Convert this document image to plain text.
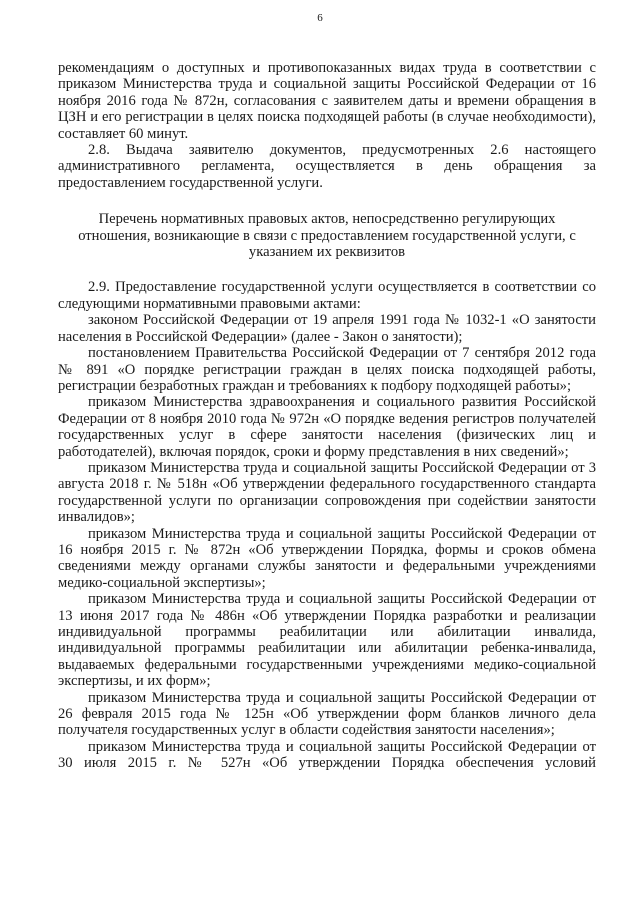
6

рекомендациям о доступных и противопоказанных видах труда в соответствии с приказом Министерства труда и социальной защиты Российской Федерации от 16 ноября 2016 года № 872н, согласования с заявителем даты и времени обращения в ЦЗН и его регистрации в целях поиска подходящей работы (в случае необходимости), составляет 60 минут.

2.8. Выдача заявителю документов, предусмотренных 2.6 настоящего административного регламента, осуществляется в день обращения за предоставлением государственной услуги.

Перечень нормативных правовых актов, непосредственно регулирующих отношения, возникающие в связи с предоставлением государственной услуги, с указанием их реквизитов

2.9. Предоставление государственной услуги осуществляется в соответствии со следующими нормативными правовыми актами:

законом Российской Федерации от 19 апреля 1991 года № 1032-1 «О занятости населения в Российской Федерации» (далее - Закон о занятости);

постановлением Правительства Российской Федерации от 7 сентября 2012 года № 891 «О порядке регистрации граждан в целях поиска подходящей работы, регистрации безработных граждан и требованиях к подбору подходящей работы»;

приказом Министерства здравоохранения и социального развития Российской Федерации от 8 ноября 2010 года № 972н «О порядке ведения регистров получателей государственных услуг в сфере занятости населения (физических лиц и работодателей), включая порядок, сроки и форму представления в них сведений»;

приказом Министерства труда и социальной защиты Российской Федерации от 3 августа 2018 г. № 518н «Об утверждении федерального государственного стандарта государственной услуги по организации сопровождения при содействии занятости инвалидов»;

приказом Министерства труда и социальной защиты Российской Федерации от 16 ноября 2015 г. № 872н «Об утверждении Порядка, формы и сроков обмена сведениями между органами службы занятости и федеральными учреждениями медико-социальной экспертизы»;

приказом Министерства труда и социальной защиты Российской Федерации от 13 июня 2017 года № 486н «Об утверждении Порядка разработки и реализации индивидуальной программы реабилитации или абилитации инвалида, индивидуальной программы реабилитации или абилитации ребенка-инвалида, выдаваемых федеральными государственными учреждениями медико-социальной экспертизы, и их форм»;

приказом Министерства труда и социальной защиты Российской Федерации от 26 февраля 2015 года № 125н «Об утверждении форм бланков личного дела получателя государственных услуг в области содействия занятости населения»;

приказом Министерства труда и социальной защиты Российской Федерации от 30 июля 2015 г. № 527н «Об утверждении Порядка обеспечения условий
